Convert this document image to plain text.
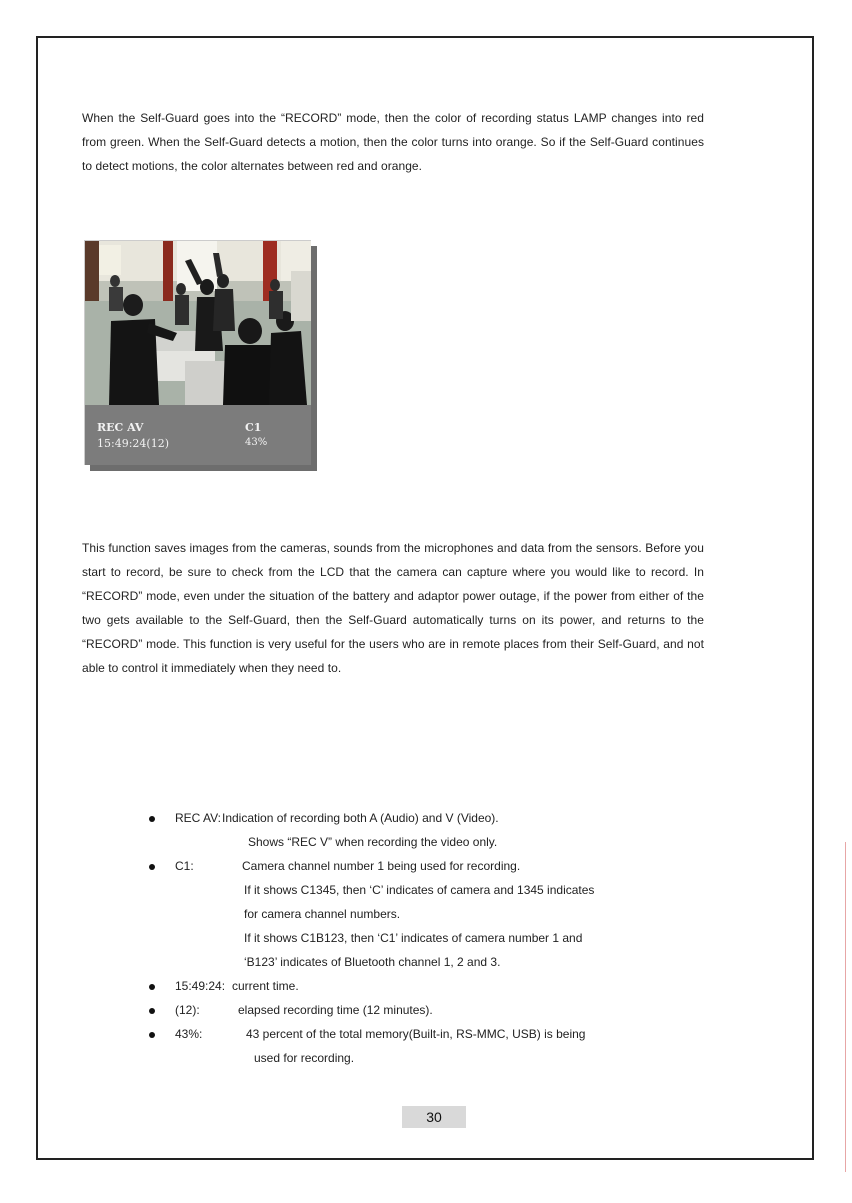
When the Self-Guard goes into the “RECORD” mode, then the color of recording status LAMP changes into red from green. When the Self-Guard detects a motion, then the color turns into orange. So if the Self-Guard continues to detect motions, the color alternates between red and orange.

REC AV	C1
15:49:24(12)	43%

This function saves images from the cameras, sounds from the microphones and data from the sensors. Before you start to record, be sure to check from the LCD that the camera can capture where you would like to record. In “RECORD” mode, even under the situation of the battery and adaptor power outage, if the power from either of the two gets available to the Self-Guard, then the Self-Guard automatically turns on its power, and returns to the “RECORD” mode. This function is very useful for the users who are in remote places from their Self-Guard, and not able to control it immediately when they need to.

REC AV: Indication of recording both A (Audio) and V (Video).
Shows “REC V” when recording the video only.
C1:	Camera channel number 1 being used for recording.
If it shows C1345, then ‘C’ indicates of camera and 1345 indicates
for camera channel numbers.
If it shows C1B123, then ‘C1’ indicates of camera number 1 and
‘B123’ indicates of Bluetooth channel 1, 2 and 3.
15:49:24: current time.
(12):	elapsed recording time (12 minutes).
43%:	43 percent of the total memory(Built-in, RS-MMC, USB) is being
used for recording.
30
